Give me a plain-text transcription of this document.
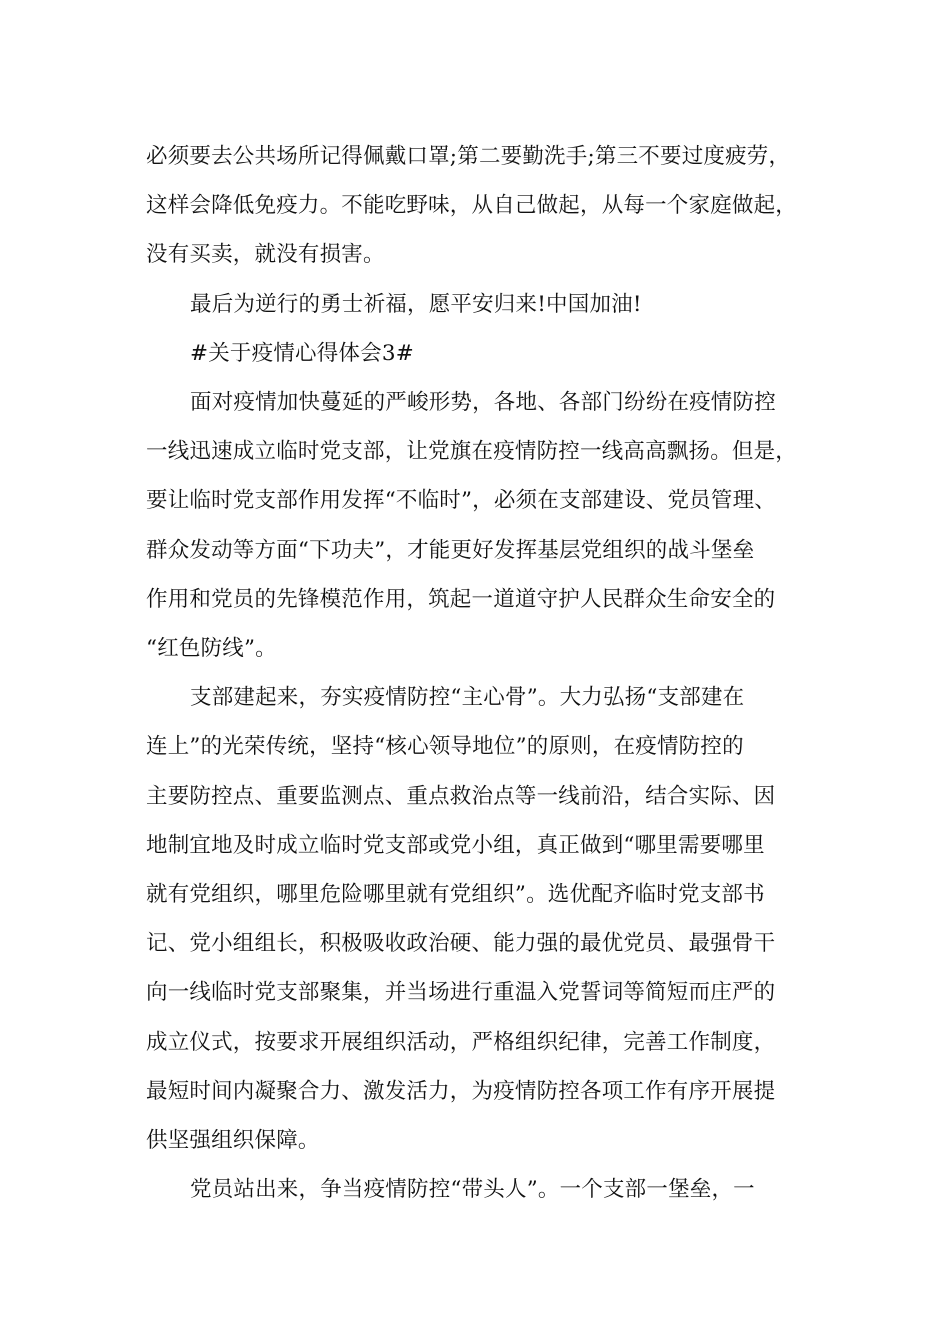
必须要去公共场所记得佩戴口罩;第二要勤洗手;第三不要过度疲劳，
这样会降低免疫力。不能吃野味，从自己做起，从每一个家庭做起，
没有买卖，就没有损害。

最后为逆行的勇士祈福，愿平安归来!中国加油!

#关于疫情心得体会3#

面对疫情加快蔓延的严峻形势，各地、各部门纷纷在疫情防控
一线迅速成立临时党支部，让党旗在疫情防控一线高高飘扬。但是，
要让临时党支部作用发挥“不临时”，必须在支部建设、党员管理、
群众发动等方面“下功夫”，才能更好发挥基层党组织的战斗堡垒
作用和党员的先锋模范作用，筑起一道道守护人民群众生命安全的
“红色防线”。

支部建起来，夯实疫情防控“主心骨”。大力弘扬“支部建在
连上”的光荣传统，坚持“核心领导地位”的原则，在疫情防控的
主要防控点、重要监测点、重点救治点等一线前沿，结合实际、因
地制宜地及时成立临时党支部或党小组，真正做到“哪里需要哪里
就有党组织，哪里危险哪里就有党组织”。选优配齐临时党支部书
记、党小组组长，积极吸收政治硬、能力强的最优党员、最强骨干
向一线临时党支部聚集，并当场进行重温入党誓词等简短而庄严的
成立仪式，按要求开展组织活动，严格组织纪律，完善工作制度，
最短时间内凝聚合力、激发活力，为疫情防控各项工作有序开展提
供坚强组织保障。

党员站出来，争当疫情防控“带头人”。一个支部一堡垒，一
